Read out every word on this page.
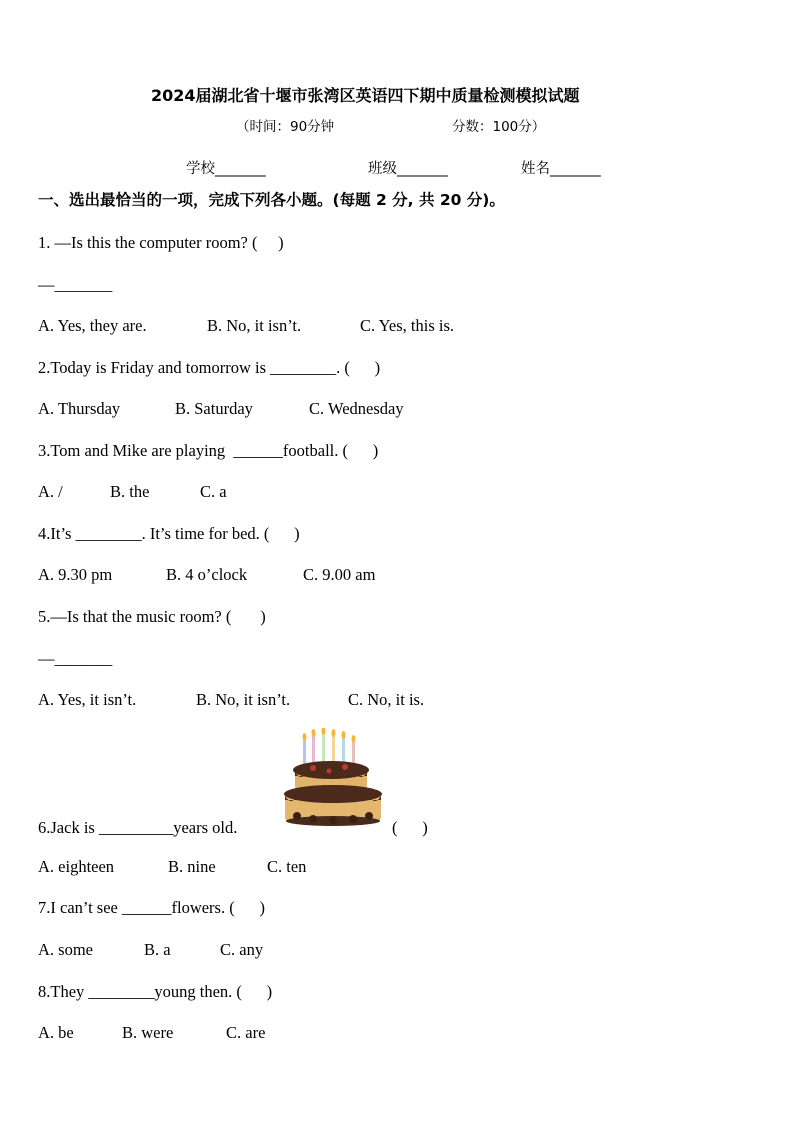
2024届湖北省十堰市张湾区英语四下期中质量检测模拟试题
（时间：90分钟	分数：100分）
学校_______	班级_______	姓名_______
一、选出最恰当的一项，完成下列各小题。(每题 2 分, 共 20 分)。
1. —Is this the computer room? (     )
—_______
A. Yes, they are.	B. No, it isn’t.	C. Yes, this is.
2.Today is Friday and tomorrow is ________. (      )
A. Thursday	B. Saturday	C. Wednesday
3.Tom and Mike are playing  ______football. (      )
A. /	B. the	C. a
4.It’s ________. It’s time for bed. (      )
A. 9.30 pm	B. 4 o’clock	C. 9.00 am
5.—Is that the music room? (       )
—_______
A. Yes, it isn’t.	B. No, it isn’t.	C. No, it is.
6.Jack is _________years old.	(      )
A. eighteen	B. nine	C. ten
7.I can’t see ______flowers. (      )
A. some	B. a	C. any
8.They ________young then. (      )
A. be	B. were	C. are
